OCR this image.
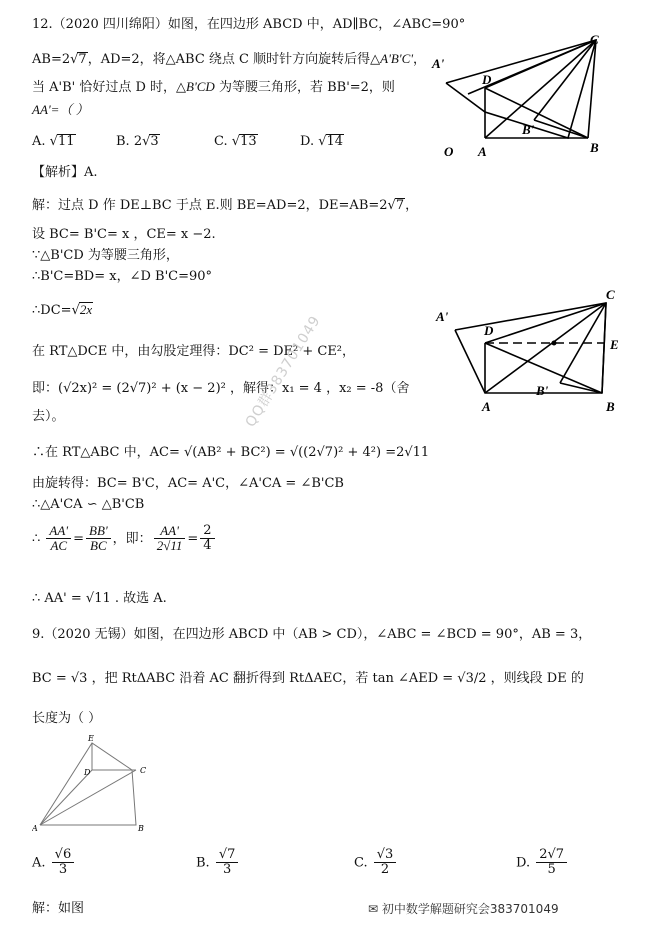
12.（2020 四川绵阳）如图，在四边形 ABCD 中，AD∥BC，∠ABC=90°
AB=2√7，AD=2，将△ABC 绕点 C 顺时针方向旋转后得△A'B'C'，
当 A'B' 恰好过点 D 时，△B'CD 为等腰三角形，若 BB'=2，则
AA'=（ ）
A. √11	B. 2√3	C. √13	D. √14
【解析】A.
解：过点 D 作 DE⊥BC 于点 E.则 BE=AD=2，DE=AB=2√7，
设 BC= B'C= x ，CE= x −2.
∵△B'CD 为等腰三角形，
∴B'C=BD= x，∠D B'C=90°
∴DC=√2x
在 RT△DCE 中，由勾股定理得：DC² = DE² + CE²，
即：(√2x)² = (2√7)² + (x − 2)² ，解得：x₁ = 4 ，x₂ = -8（舍
去）。
∴在 RT△ABC 中，AC= √(AB² + BC²) = √((2√7)² + 4²) =2√11
由旋转得：BC= B'C，AC= A'C，∠A'CA = ∠B'CB
∴△A'CA ∽ △B'CB
∴ $\frac{AA'}{AC} = \frac{BB'}{BC}$ ，即： $\frac{AA'}{2√11} = \frac{2}{4}$
∴ AA' = √11 . 故选 A.
C
A'
D
B'
O A	B
C
A'
D
E
B'
A	B
QQ群383701049
9.（2020 无锡）如图，在四边形 ABCD 中（AB > CD），∠ABC = ∠BCD = 90°，AB = 3，
BC = √3 ，把 RtΔABC 沿着 AC 翻折得到 RtΔAEC，若 tan ∠AED = √3/2 ，则线段 DE 的
长度为（ ）
E
D	C
A	B
A. $\frac{√6}{3}$	B. $\frac{√7}{3}$	C. $\frac{√3}{2}$	D. $\frac{2√7}{5}$
解：如图	✉ 初中数学解题研究会383701049
